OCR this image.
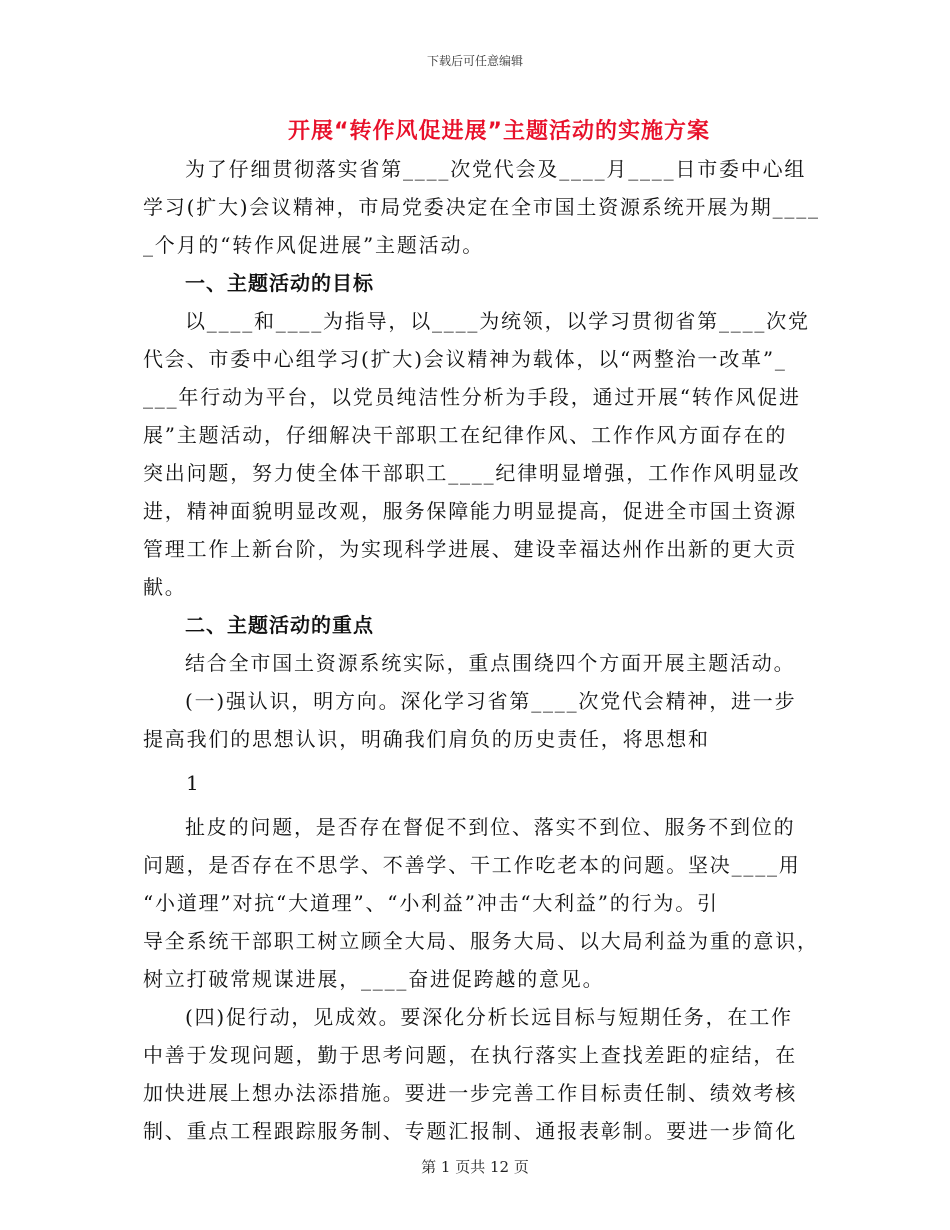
下载后可任意编辑
开展“转作风促进展”主题活动的实施方案
为了仔细贯彻落实省第____次党代会及____月____日市委中心组
学习(扩大)会议精神，市局党委决定在全市国土资源系统开展为期____
_个月的“转作风促进展”主题活动。
一、主题活动的目标
以____和____为指导，以____为统领，以学习贯彻省第____次党
代会、市委中心组学习(扩大)会议精神为载体，以“两整治一改革”_
___年行动为平台，以党员纯洁性分析为手段，通过开展“转作风促进
展”主题活动，仔细解决干部职工在纪律作风、工作作风方面存在的
突出问题，努力使全体干部职工____纪律明显增强，工作作风明显改
进，精神面貌明显改观，服务保障能力明显提高，促进全市国土资源
管理工作上新台阶，为实现科学进展、建设幸福达州作出新的更大贡
献。
二、主题活动的重点
结合全市国土资源系统实际，重点围绕四个方面开展主题活动。
(一)强认识，明方向。深化学习省第____次党代会精神，进一步
提高我们的思想认识，明确我们肩负的历史责任，将思想和
1
扯皮的问题，是否存在督促不到位、落实不到位、服务不到位的
问题，是否存在不思学、不善学、干工作吃老本的问题。坚决____用
“小道理”对抗“大道理”、“小利益”冲击“大利益”的行为。引
导全系统干部职工树立顾全大局、服务大局、以大局利益为重的意识，
树立打破常规谋进展，____奋进促跨越的意见。
(四)促行动，见成效。要深化分析长远目标与短期任务，在工作
中善于发现问题，勤于思考问题，在执行落实上查找差距的症结，在
加快进展上想办法添措施。要进一步完善工作目标责任制、绩效考核
制、重点工程跟踪服务制、专题汇报制、通报表彰制。要进一步简化
第 1 页共 12 页
